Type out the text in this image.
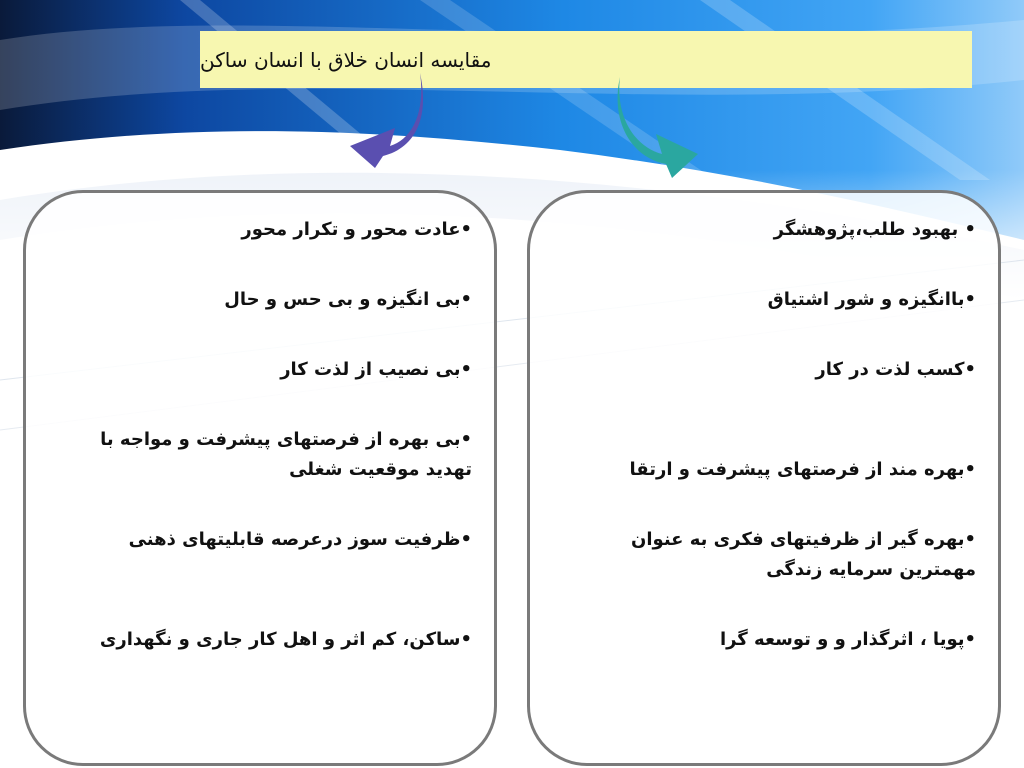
مقایسه انسان خلاق با انسان ساکن
•عادت محور و تکرار محور
•بی انگیزه و بی حس و حال
•بی نصیب از لذت کار
•بی بهره از فرصتهای پیشرفت و مواجه با تهدید موقعیت شغلی
•ظرفیت سوز درعرصه قابلیتهای ذهنی
•ساکن، کم اثر و اهل کار جاری و نگهداری
• بهبود طلب،پژوهشگر
•باانگیزه و شور اشتیاق
•کسب لذت در کار
•بهره مند از فرصتهای پیشرفت و ارتقا
•بهره گیر از ظرفیتهای فکری به عنوان مهمترین سرمایه زندگی
•پویا ، اثرگذار و و توسعه گرا
